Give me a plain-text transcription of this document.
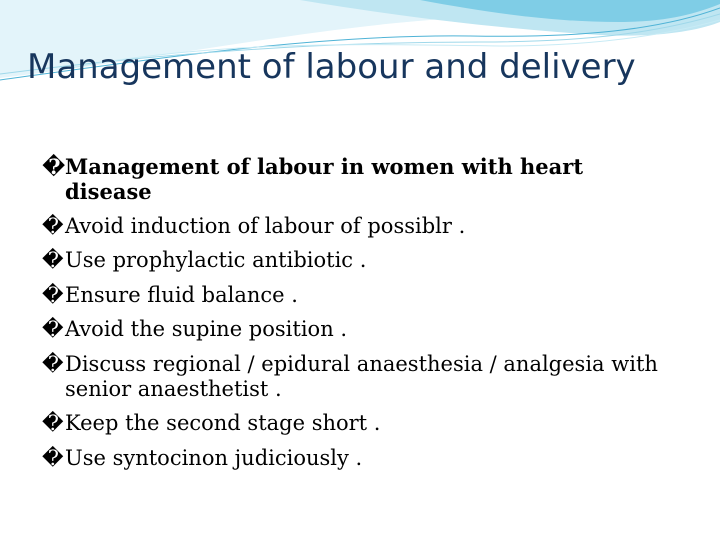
Management of labour and delivery
� Management of labour in women with heart disease
� Avoid induction of labour of possiblr .
� Use prophylactic antibiotic .
� Ensure fluid balance .
� Avoid the supine position .
� Discuss regional / epidural anaesthesia / analgesia with senior anaesthetist .
� Keep the second stage short .
� Use syntocinon judiciously .
